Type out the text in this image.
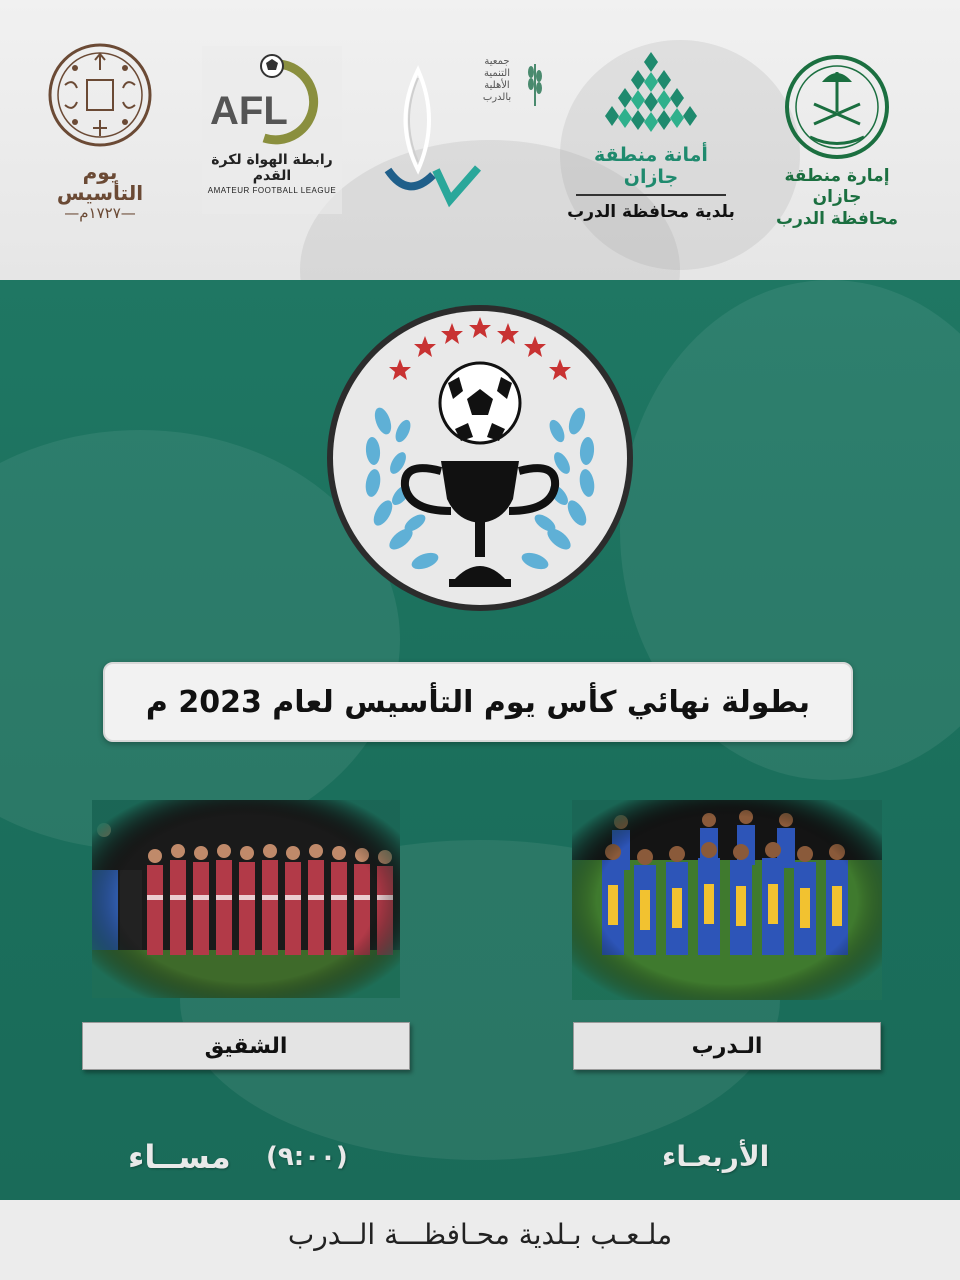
يوم
التأسيس
—١٧٢٧م—
AFL
رابطة الهواة لكرة القدم
AMATEUR FOOTBALL LEAGUE
جمعية
التنمية
الأهلية
بالدرب
أمانة منطقة جازان
بلدية محافظة الدرب
إمارة منطقة جازان
محافظة الدرب
بطولة نهائي كأس يوم التأسيس لعام 2023 م
الشقيق	الـدرب
مســاء (٩:٠٠)	الأربعـاء
ملـعـب بـلدية محـافظـــة الــدرب
